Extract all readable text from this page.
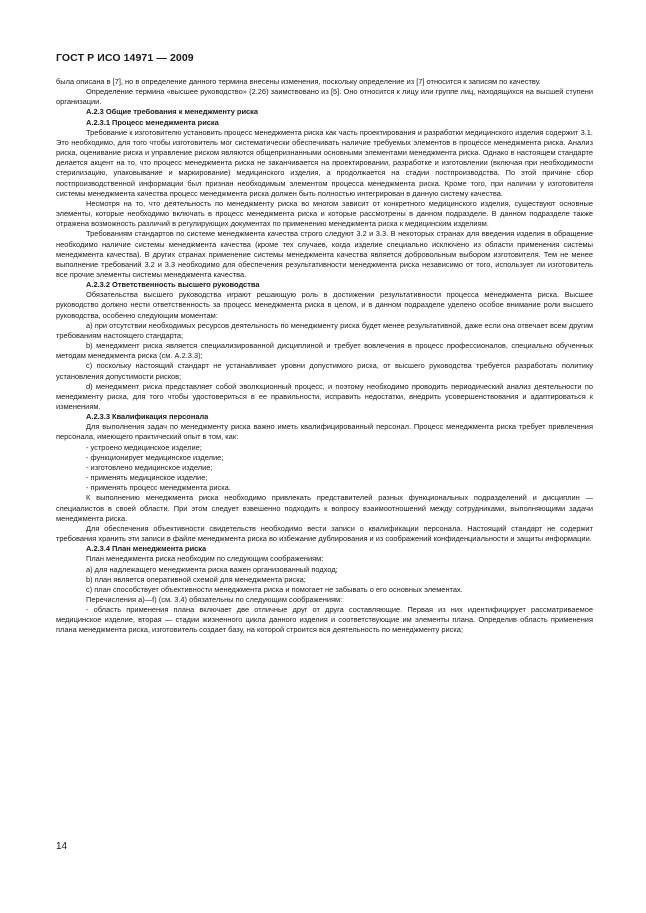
ГОСТ Р ИСО 14971 — 2009

была описана в [7], но в определение данного термина внесены изменения, поскольку определение из [7] относится к записям по качеству.

Определение термина «высшее руководство» (2.26) заимствовано из [5]. Оно относится к лицу или группе лиц, находящихся на высшей ступени организации.

А.2.3 Общие требования к менеджменту риска

А.2.3.1 Процесс менеджмента риска

Требование к изготовителю установить процесс менеджмента риска как часть проектирования и разработки медицинского изделия содержит 3.1. Это необходимо, для того чтобы изготовитель мог систематически обеспечивать наличие требуемых элементов в процессе менеджмента риска. Анализ риска, оценивание риска и управление риском являются общепризнанными основными элементами менеджмента риска. Однако в настоящем стандарте делается акцент на то, что процесс менеджмента риска не заканчивается на проектировании, разработке и изготовлении (включая при необходимости стерилизацию, упаковывание и маркирование) медицинского изделия, а продолжается на стадии постпроизводства. По этой причине сбор постпроизводственной информации был признан необходимым элементом процесса менеджмента риска. Кроме того, при наличии у изготовителя системы менеджмента качества процесс менеджмента риска должен быть полностью интегрирован в данную систему качества.

Несмотря на то, что деятельность по менеджменту риска во многом зависит от конкретного медицинского изделия, существуют основные элементы, которые необходимо включать в процесс менеджмента риска и которые рассмотрены в данном подразделе. В данном подразделе также отражена возможность различий в регулирующих документах по применению менеджмента риска к медицинским изделиям.

Требованиям стандартов по системе менеджмента качества строго следуют 3.2 и 3.3. В некоторых странах для введения изделия в обращение необходимо наличие системы менеджмента качества (кроме тех случаев, когда изделие специально исключено из области применения системы менеджмента качества). В других странах применение системы менеджмента качества является добровольным выбором изготовителя. Тем не менее выполнение требований 3.2 и 3.3 необходимо для обеспечения результативности менеджмента риска независимо от того, использует ли изготовитель все прочие элементы системы менеджмента качества.

А.2.3.2 Ответственность высшего руководства

Обязательства высшего руководства играют решающую роль в достижении результативности процесса менеджмента риска. Высшее руководство должно нести ответственность за процесс менеджмента риска в целом, и в данном подразделе уделено особое внимание роли высшего руководства, особенно следующим моментам:

а) при отсутствии необходимых ресурсов деятельность по менеджменту риска будет менее результативной, даже если она отвечает всем другим требованиям настоящего стандарта;

b) менеджмент риска является специализированной дисциплиной и требует вовлечения в процесс профессионалов, специально обученных методам менеджмента риска (см. А.2.3.3);

с) поскольку настоящий стандарт не устанавливает уровни допустимого риска, от высшего руководства требуется разработать политику установления допустимости рисков;

d) менеджмент риска представляет собой эволюционный процесс, и поэтому необходимо проводить периодический анализ деятельности по менеджменту риска, для того чтобы удостовериться в ее правильности, исправить недостатки, внедрить усовершенствования и адаптироваться к изменениям.

А.2.3.3 Квалификация персонала

Для выполнения задач по менеджменту риска важно иметь квалифицированный персонал. Процесс менеджмента риска требует привлечения персонала, имеющего практический опыт в том, как:

- устроено медицинское изделие;

- функционирует медицинское изделие;

- изготовлено медицинское изделие;

- применять медицинское изделие;

- применять процесс менеджмента риска.

К выполнению менеджмента риска необходимо привлекать представителей разных функциональных подразделений и дисциплин — специалистов в своей области. При этом следует взвешенно подходить к вопросу взаимоотношений между сотрудниками, выполняющими задачи менеджмента риска.

Для обеспечения объективности свидетельств необходимо вести записи о квалификации персонала. Настоящий стандарт не содержит требования хранить эти записи в файле менеджмента риска во избежание дублирования и из соображений конфиденциальности и защиты информации.

А.2.3.4 План менеджмента риска

План менеджмента риска необходим по следующим соображениям:

а) для надлежащего менеджмента риска важен организованный подход;

b) план является оперативной схемой для менеджмента риска;

с) план способствует объективности менеджмента риска и помогает не забывать о его основных элементах.

Перечисления а)—f) (см. 3.4) обязательны по следующим соображениям:

- область применения плана включает две отличные друг от друга составляющие. Первая из них идентифицирует рассматриваемое медицинское изделие, вторая — стадии жизненного цикла данного изделия и соответствующие им элементы плана. Определив область применения плана менеджмента риска, изготовитель создает базу, на которой строится вся деятельность по менеджменту риска;

14
